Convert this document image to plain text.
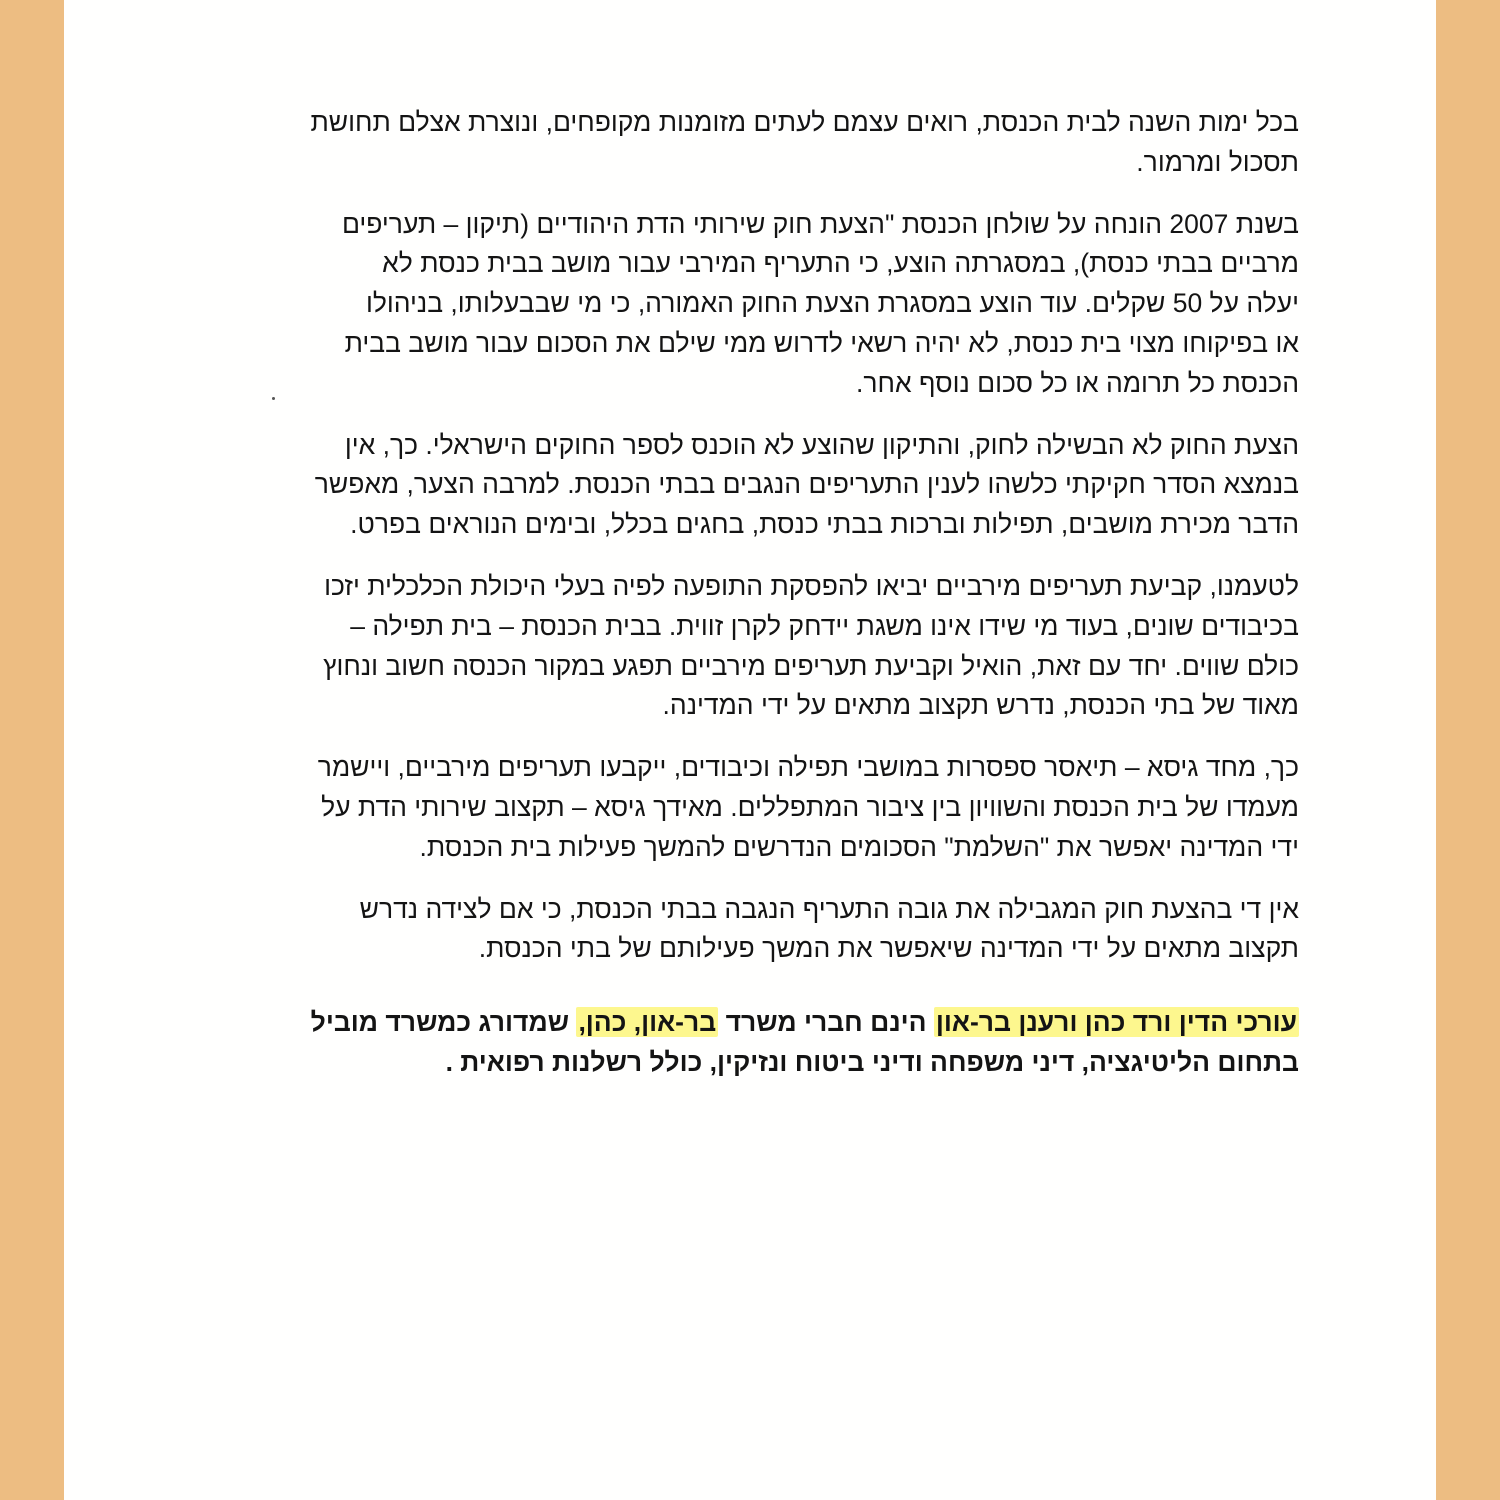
בכל ימות השנה לבית הכנסת, רואים עצמם לעתים מזומנות מקופחים, ונוצרת אצלם תחושת
תסכול ומרמור.

בשנת 2007 הונחה על שולחן הכנסת "הצעת חוק שירותי הדת היהודיים (תיקון – תעריפים
מרביים בבתי כנסת), במסגרתה הוצע, כי התעריף המירבי עבור מושב בבית כנסת לא
יעלה על 50 שקלים. עוד הוצע במסגרת הצעת החוק האמורה, כי מי שבבעלותו, בניהולו
או בפיקוחו מצוי בית כנסת, לא יהיה רשאי לדרוש ממי שילם את הסכום עבור מושב בבית
הכנסת כל תרומה או כל סכום נוסף אחר.

הצעת החוק לא הבשילה לחוק, והתיקון שהוצע לא הוכנס לספר החוקים הישראלי. כך, אין
בנמצא הסדר חקיקתי כלשהו לענין התעריפים הנגבים בבתי הכנסת. למרבה הצער, מאפשר
הדבר מכירת מושבים, תפילות וברכות בבתי כנסת, בחגים בכלל, ובימים הנוראים בפרט.

לטעמנו, קביעת תעריפים מירביים יביאו להפסקת התופעה לפיה בעלי היכולת הכלכלית יזכו
בכיבודים שונים, בעוד מי שידו אינו משגת יידחק לקרן זווית. בבית הכנסת – בית תפילה –
כולם שווים. יחד עם זאת, הואיל וקביעת תעריפים מירביים תפגע במקור הכנסה חשוב ונחוץ
מאוד של בתי הכנסת, נדרש תקצוב מתאים על ידי המדינה.

כך, מחד גיסא – תיאסר ספסרות במושבי תפילה וכיבודים, ייקבעו תעריפים מירביים, ויישמר
מעמדו של בית הכנסת והשוויון בין ציבור המתפללים. מאידך גיסא – תקצוב שירותי הדת על
ידי המדינה יאפשר את "השלמת" הסכומים הנדרשים להמשך פעילות בית הכנסת.

אין די בהצעת חוק המגבילה את גובה התעריף הנגבה בבתי הכנסת, כי אם לצידה נדרש
תקצוב מתאים על ידי המדינה שיאפשר את המשך פעילותם של בתי הכנסת.

עורכי הדין ורד כהן ורענן בר-און הינם חברי משרד בר-און, כהן, שמדורג כמשרד מוביל
בתחום הליטיגציה, דיני משפחה ודיני ביטוח ונזיקין, כולל רשלנות רפואית .
